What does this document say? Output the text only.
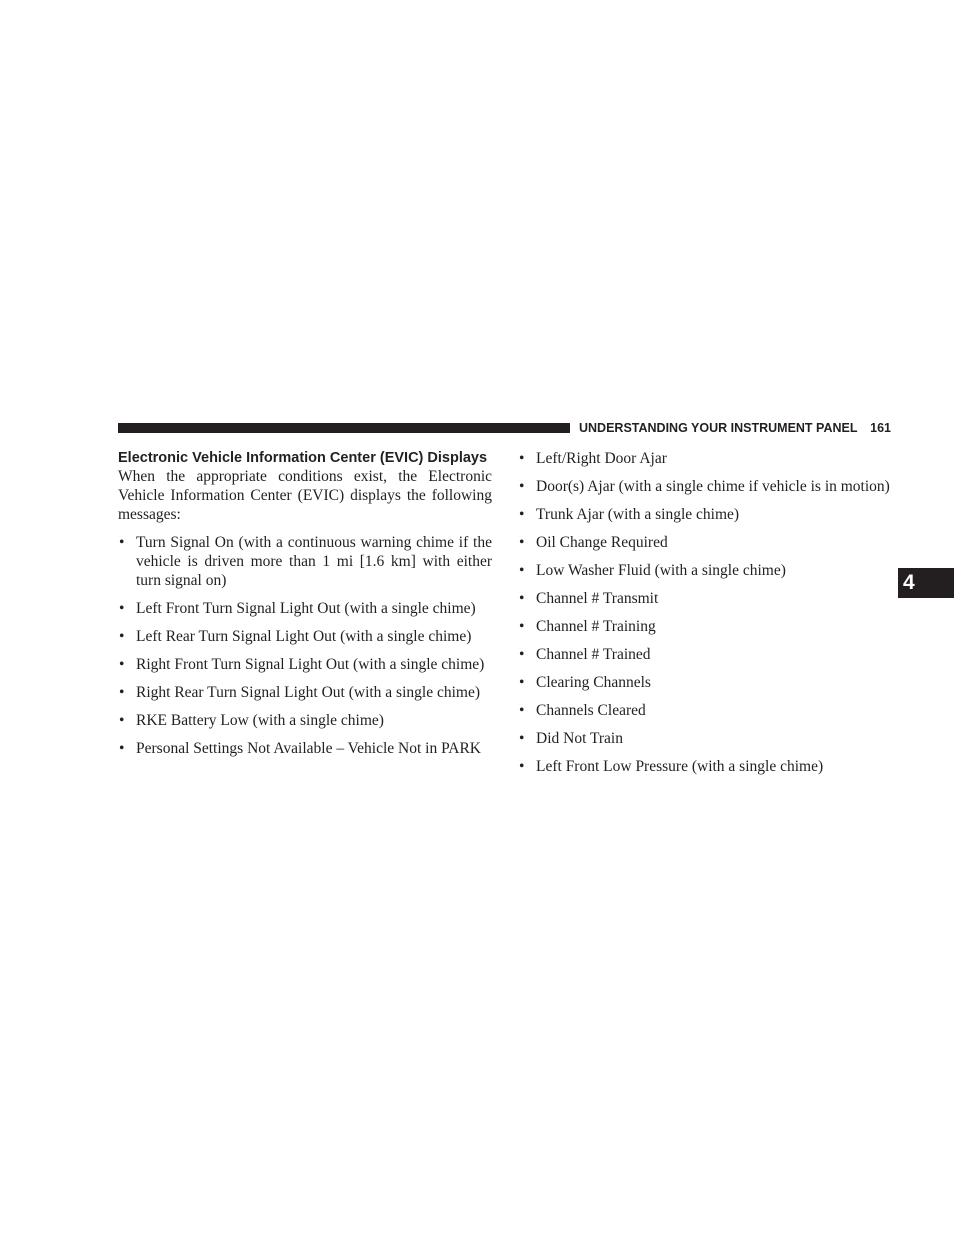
UNDERSTANDING YOUR INSTRUMENT PANEL 161
4
Electronic Vehicle Information Center (EVIC) Displays

When the appropriate conditions exist, the Electronic Vehicle Information Center (EVIC) displays the following messages:

• Turn Signal On (with a continuous warning chime if the vehicle is driven more than 1 mi [1.6 km] with either turn signal on)
• Left Front Turn Signal Light Out (with a single chime)
• Left Rear Turn Signal Light Out (with a single chime)
• Right Front Turn Signal Light Out (with a single chime)
• Right Rear Turn Signal Light Out (with a single chime)
• RKE Battery Low (with a single chime)
• Personal Settings Not Available – Vehicle Not in PARK
• Left/Right Door Ajar
• Door(s) Ajar (with a single chime if vehicle is in motion)
• Trunk Ajar (with a single chime)
• Oil Change Required
• Low Washer Fluid (with a single chime)
• Channel # Transmit
• Channel # Training
• Channel # Trained
• Clearing Channels
• Channels Cleared
• Did Not Train
• Left Front Low Pressure (with a single chime)
